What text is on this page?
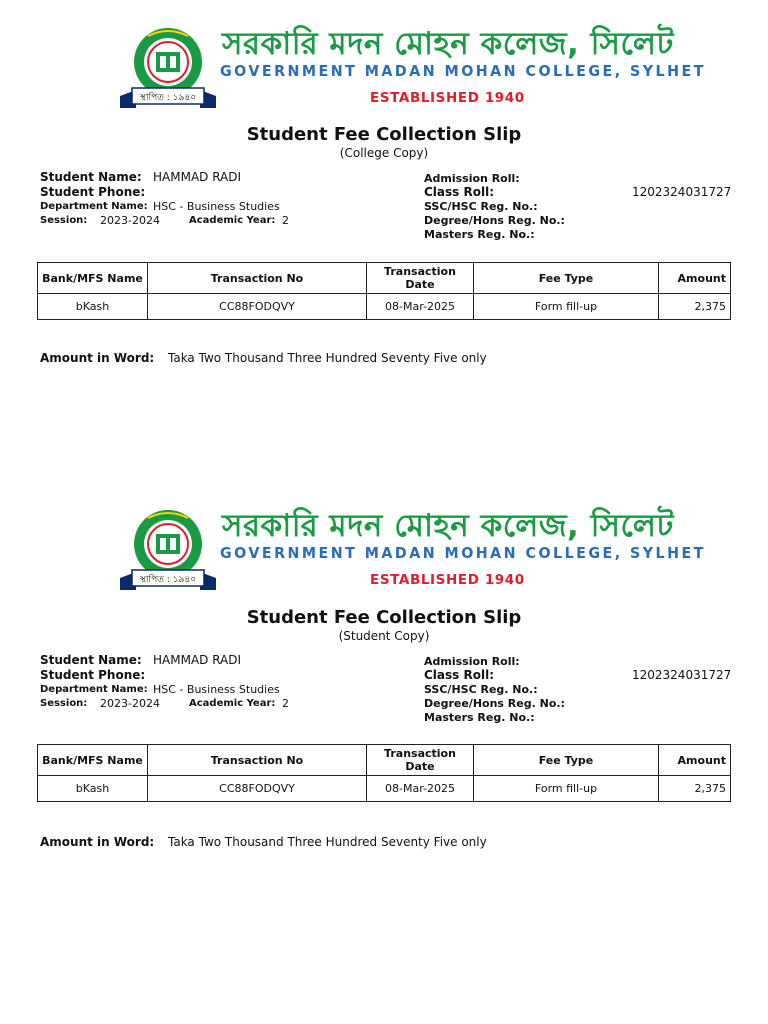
স্থাপিত : ১৯৪০
সরকারি মদন মোহন কলেজ, সিলেট
GOVERNMENT MADAN MOHAN COLLEGE, SYLHET
ESTABLISHED 1940
Student Fee Collection Slip
(College Copy)
Student Name: HAMMAD RADI
Student Phone:
Department Name: HSC - Business Studies
Session: 2023-2024	Academic Year: 2
Admission Roll:
Class Roll:	1202324031727
SSC/HSC Reg. No.:
Degree/Hons Reg. No.:
Masters Reg. No.:
Bank/MFS Name	Transaction No	Transaction Date	Fee Type	Amount
bKash	CC88FODQVY	08-Mar-2025	Form fill-up	2,375
Amount in Word: Taka Two Thousand Three Hundred Seventy Five only
স্থাপিত : ১৯৪০
সরকারি মদন মোহন কলেজ, সিলেট
GOVERNMENT MADAN MOHAN COLLEGE, SYLHET
ESTABLISHED 1940
Student Fee Collection Slip
(Student Copy)
Student Name: HAMMAD RADI
Student Phone:
Department Name: HSC - Business Studies
Session: 2023-2024	Academic Year: 2
Admission Roll:
Class Roll:	1202324031727
SSC/HSC Reg. No.:
Degree/Hons Reg. No.:
Masters Reg. No.:
Bank/MFS Name	Transaction No	Transaction Date	Fee Type	Amount
bKash	CC88FODQVY	08-Mar-2025	Form fill-up	2,375
Amount in Word: Taka Two Thousand Three Hundred Seventy Five only
